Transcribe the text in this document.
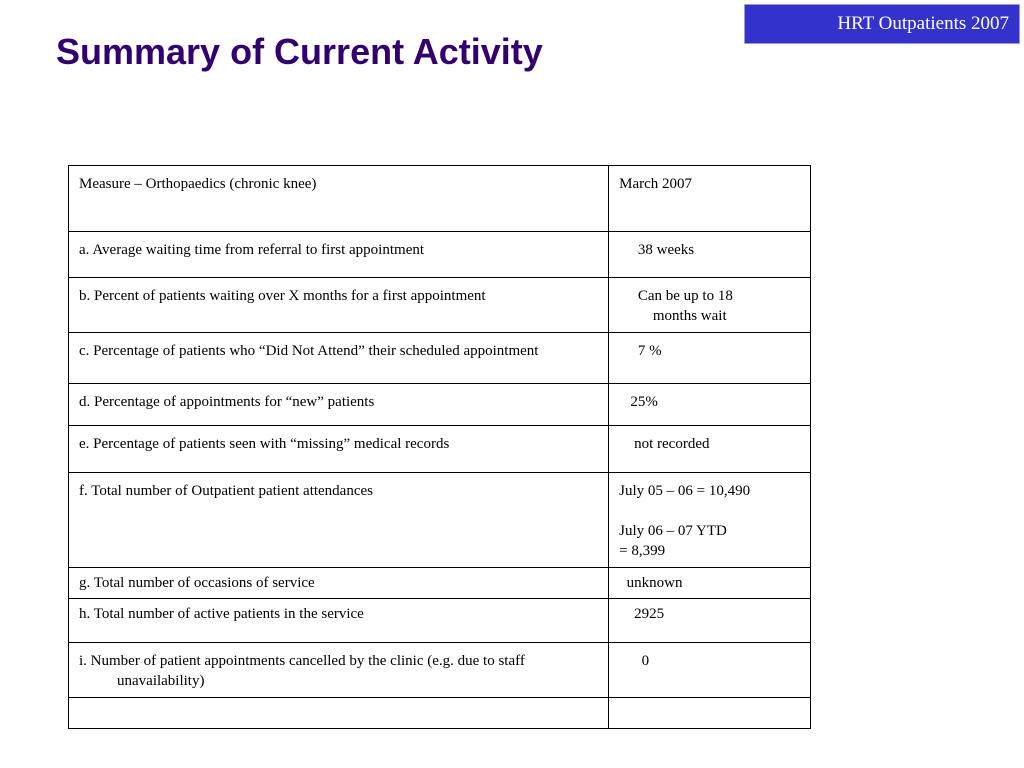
HRT Outpatients 2007
Summary of Current Activity
Measure – Orthopaedics (chronic knee)	March 2007

a. Average waiting time from referral to first appointment	38 weeks

b. Percent of patients waiting over X months for a first appointment	Can be up to 18
months wait

c. Percentage of patients who “Did Not Attend” their scheduled appointment	7 %

d. Percentage of appointments for “new” patients	25%

e. Percentage of patients seen with “missing” medical records	not recorded

f. Total number of Outpatient patient attendances	July 05 – 06 = 10,490

July 06 – 07 YTD
= 8,399

g. Total number of occasions of service	unknown

h. Total number of active patients in the service	2925

i. Number of patient appointments cancelled by the clinic (e.g. due to staff unavailability)	0
